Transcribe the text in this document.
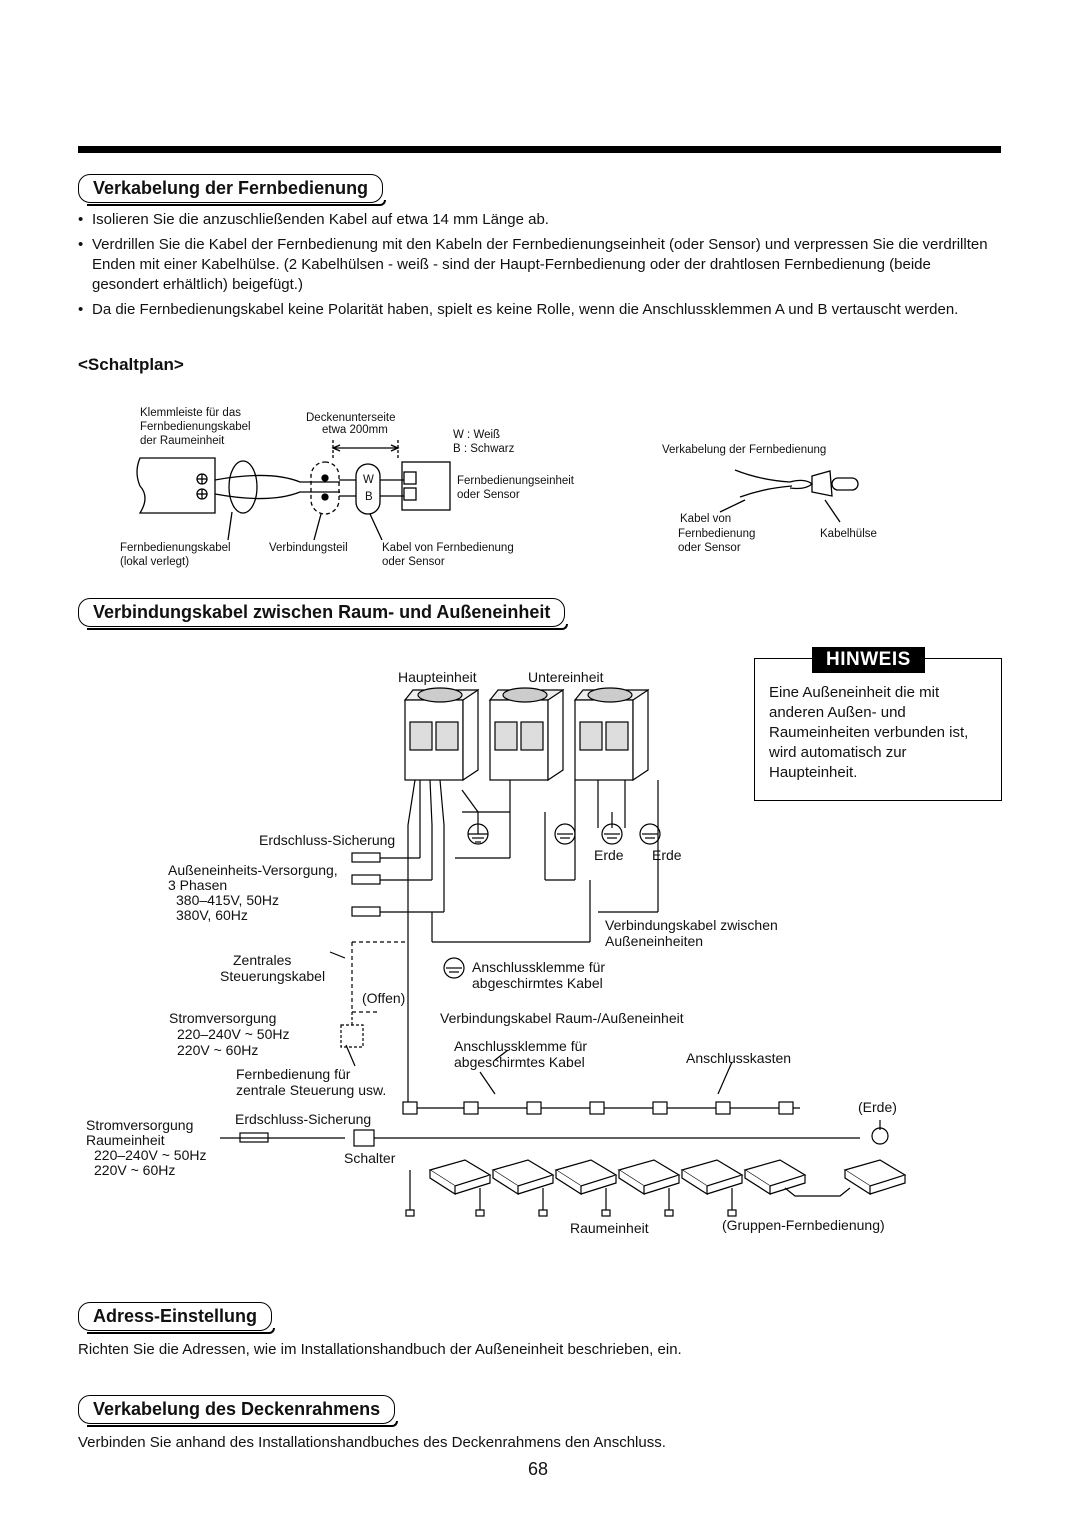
Verkabelung der Fernbedienung
• Isolieren Sie die anzuschließenden Kabel auf etwa 14 mm Länge ab.
• Verdrillen Sie die Kabel der Fernbedienung mit den Kabeln der Fernbedienungseinheit (oder Sensor) und verpressen Sie die verdrillten Enden mit einer Kabelhülse. (2 Kabelhülsen - weiß - sind der Haupt-Fernbedienung oder der drahtlosen Fernbedienung (beide gesondert erhältlich) beigefügt.)
• Da die Fernbedienungskabel keine Polarität haben, spielt es keine Rolle, wenn die Anschlussklemmen A und B vertauscht werden.
<Schaltplan>
Klemmleiste für das
Fernbedienungskabel
der Raumeinheit
Deckenunterseite
etwa 200mm	W : Weiß
B : Schwarz
W
B
Fernbedienungseinheit
oder Sensor
Fernbedienungskabel
(lokal verlegt)
Verbindungsteil	Kabel von Fernbedienung
oder Sensor
Verkabelung der Fernbedienung
Kabel von
Fernbedienung
oder Sensor
Kabelhülse
Verbindungskabel zwischen Raum- und Außeneinheit
HINWEIS
Eine Außeneinheit die mit anderen Außen- und Raumeinheiten verbunden ist, wird automatisch zur Haupteinheit.
Haupteinheit	Untereinheit
Erdschluss-Sicherung
Erde Erde
Außeneinheits-Versorgung,
3 Phasen
380–415V, 50Hz
380V, 60Hz
Verbindungskabel zwischen
Außeneinheiten
Zentrales
Steuerungskabel
Anschlussklemme für
abgeschirmtes Kabel
(Offen)
Stromversorgung
220–240V ~ 50Hz
220V ~ 60Hz
Verbindungskabel Raum-/Außeneinheit
Anschlussklemme für
abgeschirmtes Kabel	Anschlusskasten
Fernbedienung für
zentrale Steuerung usw.
(Erde)
Stromversorgung
Raumeinheit
220–240V ~ 50Hz
220V ~ 60Hz
Erdschluss-Sicherung
Schalter
Raumeinheit	(Gruppen-Fernbedienung)
Adress-Einstellung

Richten Sie die Adressen, wie im Installationshandbuch der Außeneinheit beschrieben, ein.

Verkabelung des Deckenrahmens

Verbinden Sie anhand des Installationshandbuches des Deckenrahmens den Anschluss.

68
